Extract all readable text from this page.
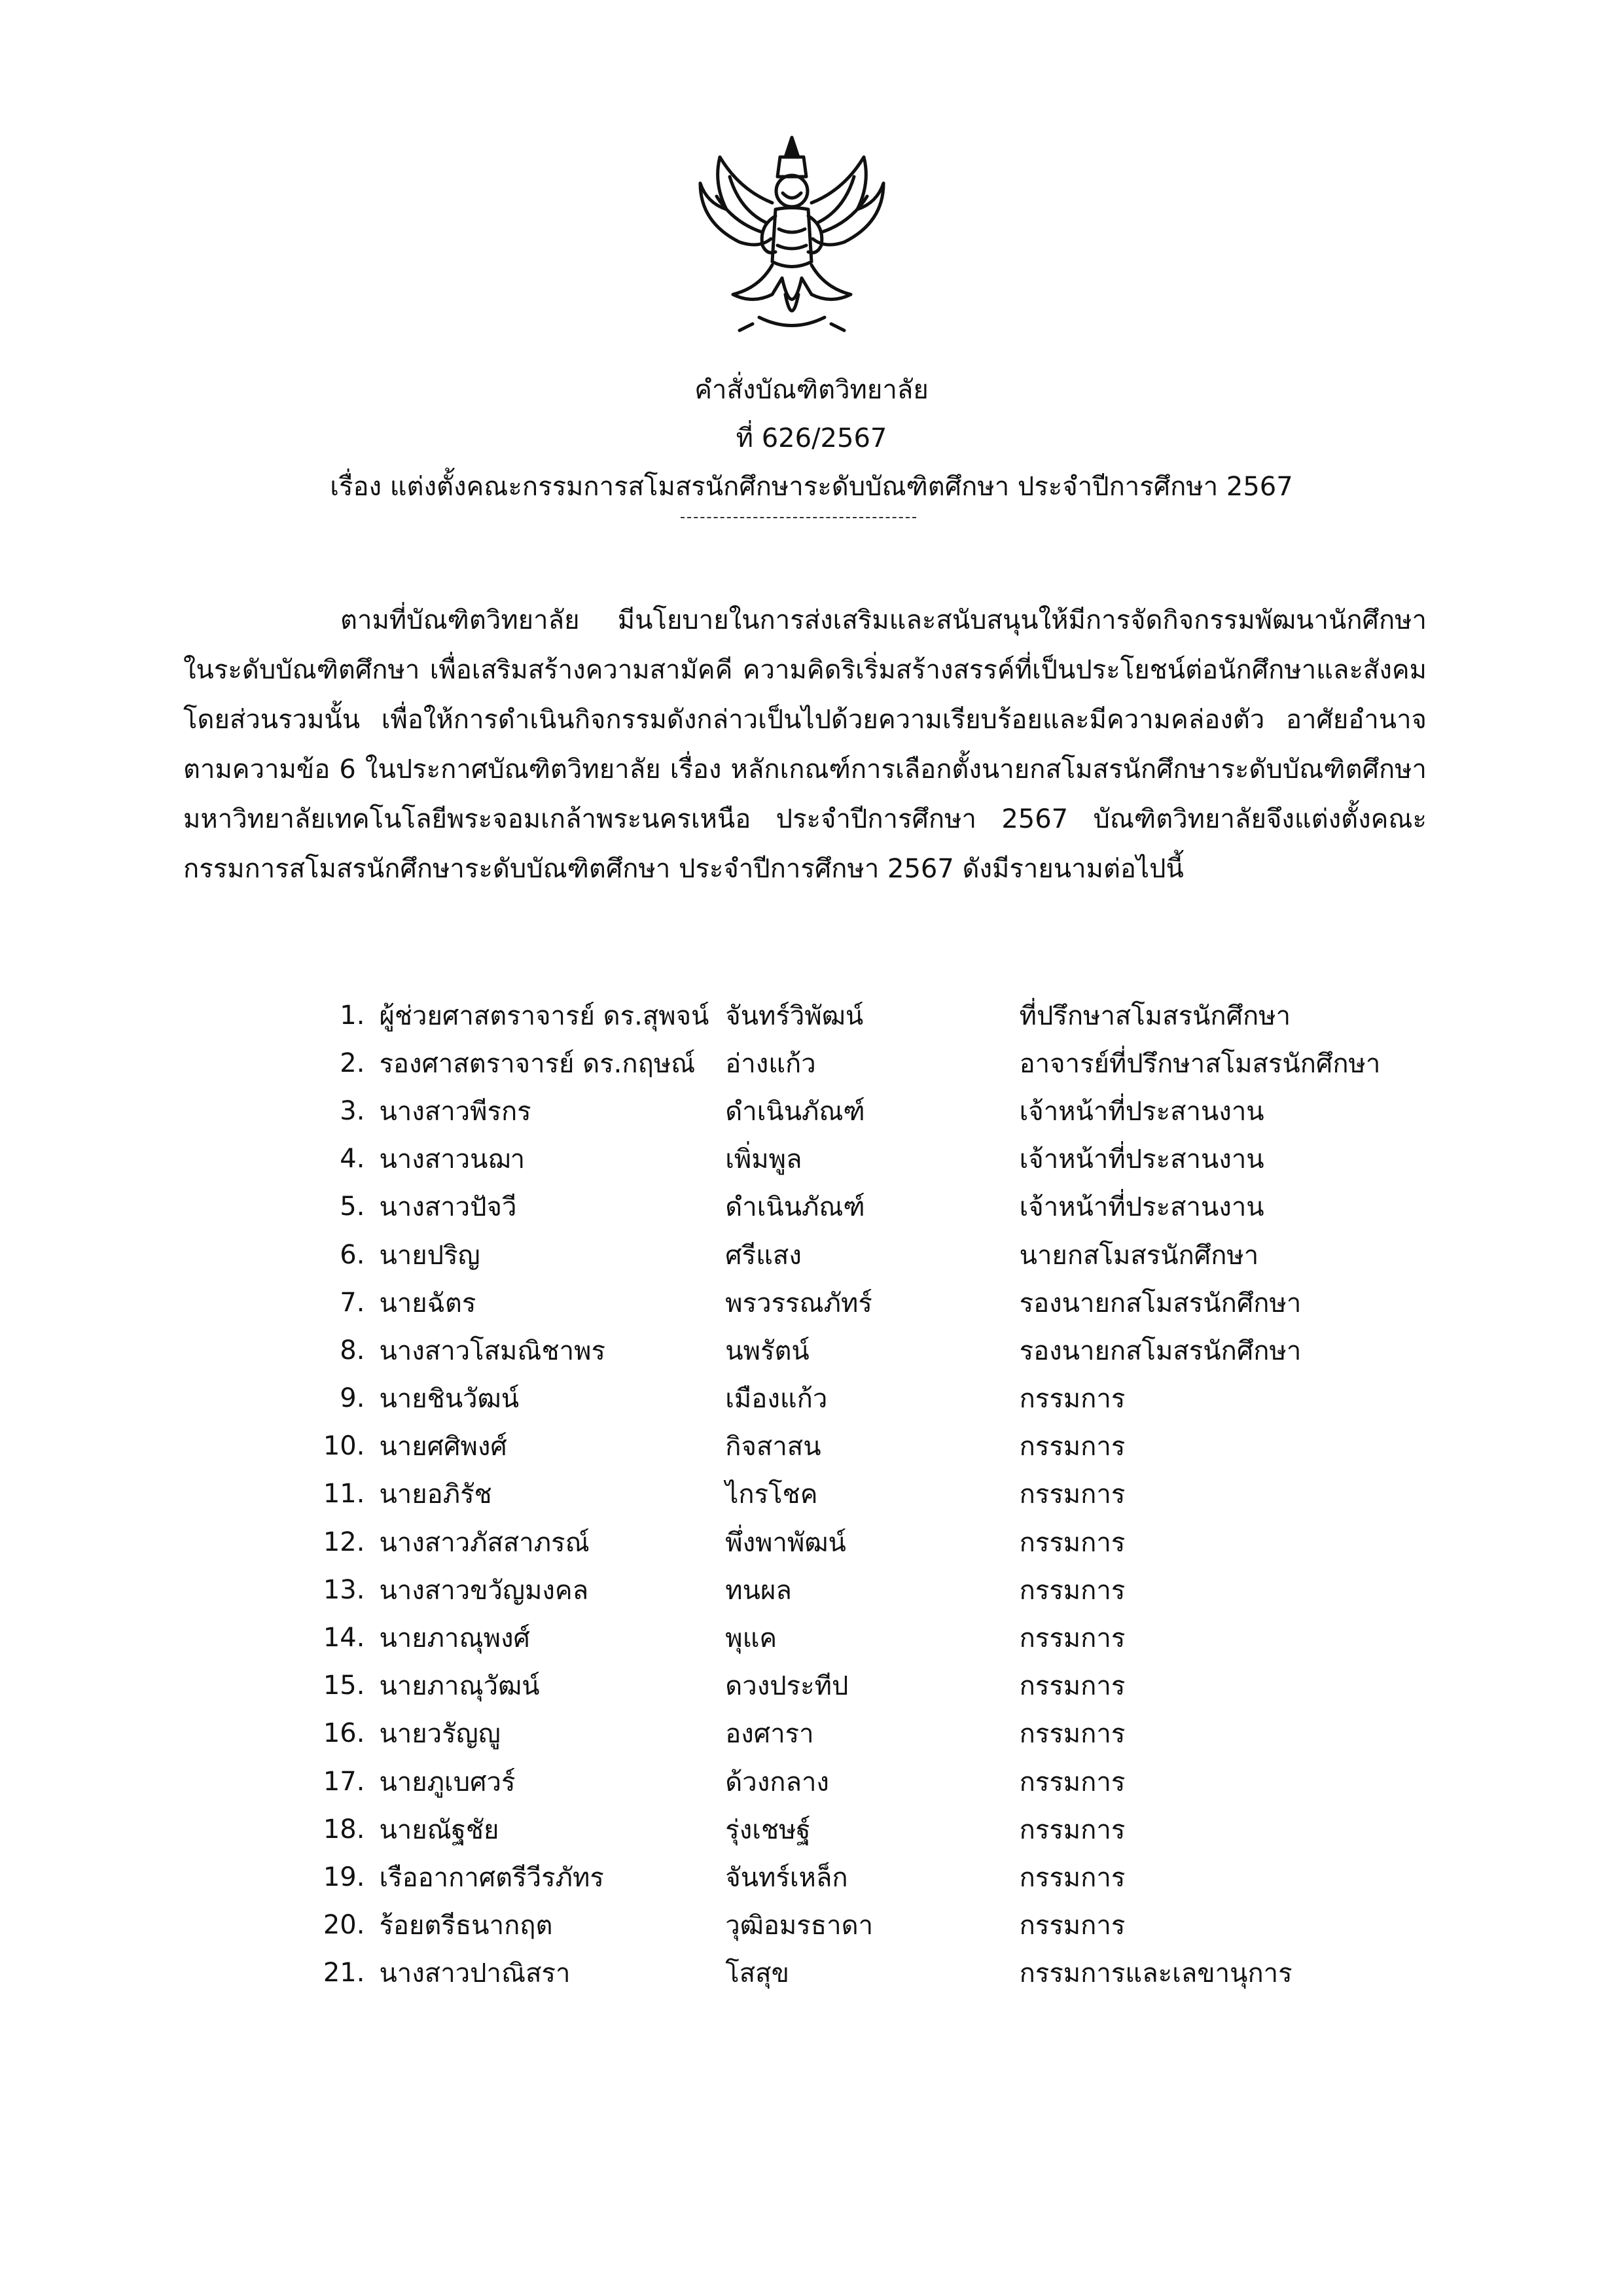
คำสั่งบัณฑิตวิทยาลัย
ที่ 626/2567
เรื่อง แต่งตั้งคณะกรรมการสโมสรนักศึกษาระดับบัณฑิตศึกษา ประจำปีการศึกษา 2567

ตามที่บัณฑิตวิทยาลัย มีนโยบายในการส่งเสริมและสนับสนุนให้มีการจัดกิจกรรมพัฒนานักศึกษาในระดับบัณฑิตศึกษา เพื่อเสริมสร้างความสามัคคี ความคิดริเริ่มสร้างสรรค์ที่เป็นประโยชน์ต่อนักศึกษาและสังคมโดยส่วนรวมนั้น เพื่อให้การดำเนินกิจกรรมดังกล่าวเป็นไปด้วยความเรียบร้อยและมีความคล่องตัว อาศัยอำนาจตามความข้อ 6 ในประกาศบัณฑิตวิทยาลัย เรื่อง หลักเกณฑ์การเลือกตั้งนายกสโมสรนักศึกษาระดับบัณฑิตศึกษา มหาวิทยาลัยเทคโนโลยีพระจอมเกล้าพระนครเหนือ ประจำปีการศึกษา 2567 บัณฑิตวิทยาลัยจึงแต่งตั้งคณะกรรมการสโมสรนักศึกษาระดับบัณฑิตศึกษา ประจำปีการศึกษา 2567 ดังมีรายนามต่อไปนี้

1.	ผู้ช่วยศาสตราจารย์ ดร.สุพจน์	จันทร์วิพัฒน์	ที่ปรึกษาสโมสรนักศึกษา
2.	รองศาสตราจารย์ ดร.กฤษณ์	อ่างแก้ว	อาจารย์ที่ปรึกษาสโมสรนักศึกษา
3.	นางสาวพีรกร	ดำเนินภัณฑ์	เจ้าหน้าที่ประสานงาน
4.	นางสาวนฌา	เพิ่มพูล	เจ้าหน้าที่ประสานงาน
5.	นางสาวปัจวี	ดำเนินภัณฑ์	เจ้าหน้าที่ประสานงาน
6.	นายปริญ	ศรีแสง	นายกสโมสรนักศึกษา
7.	นายฉัตร	พรวรรณภัทร์	รองนายกสโมสรนักศึกษา
8.	นางสาวโสมณิชาพร	นพรัตน์	รองนายกสโมสรนักศึกษา
9.	นายชินวัฒน์	เมืองแก้ว	กรรมการ
10.	นายศศิพงศ์	กิจสาสน	กรรมการ
11.	นายอภิรัช	ไกรโชค	กรรมการ
12.	นางสาวภัสสาภรณ์	พึ่งพาพัฒน์	กรรมการ
13.	นางสาวขวัญมงคล	ทนผล	กรรมการ
14.	นายภาณุพงศ์	พุแค	กรรมการ
15.	นายภาณุวัฒน์	ดวงประทีป	กรรมการ
16.	นายวรัญญู	องศารา	กรรมการ
17.	นายภูเบศวร์	ด้วงกลาง	กรรมการ
18.	นายณัฐชัย	รุ่งเชษฐ์	กรรมการ
19.	เรืออากาศตรีวีรภัทร	จันทร์เหล็ก	กรรมการ
20.	ร้อยตรีธนากฤต	วุฒิอมรธาดา	กรรมการ
21.	นางสาวปาณิสรา	โสสุข	กรรมการและเลขานุการ
